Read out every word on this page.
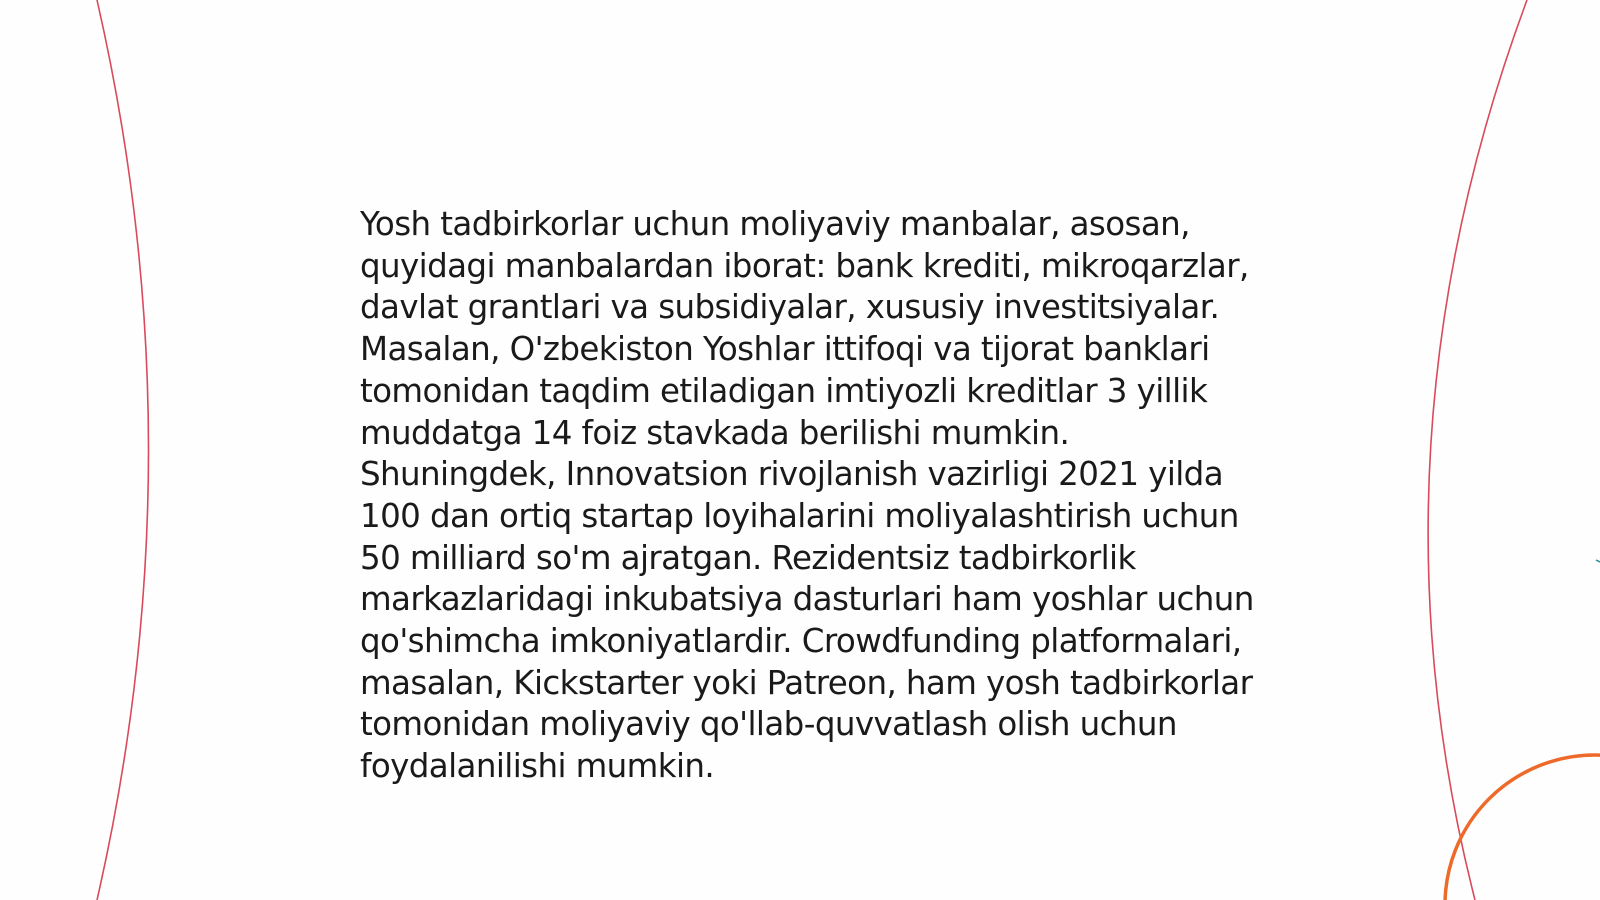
Yosh tadbirkorlar uchun moliyaviy manbalar, asosan, quyidagi manbalardan iborat: bank krediti, mikroqarzlar, davlat grantlari va subsidiyalar, xususiy investitsiyalar. Masalan, O'zbekiston Yoshlar ittifoqi va tijorat banklari tomonidan taqdim etiladigan imtiyozli kreditlar 3 yillik muddatga 14 foiz stavkada berilishi mumkin. Shuningdek, Innovatsion rivojlanish vazirligi 2021 yilda 100 dan ortiq startap loyihalarini moliyalashtirish uchun 50 milliard so'm ajratgan. Rezidentsiz tadbirkorlik markazlaridagi inkubatsiya dasturlari ham yoshlar uchun qo'shimcha imkoniyatlardir. Crowdfunding platformalari, masalan, Kickstarter yoki Patreon, ham yosh tadbirkorlar tomonidan moliyaviy qo'llab-quvvatlash olish uchun foydalanilishi mumkin.
